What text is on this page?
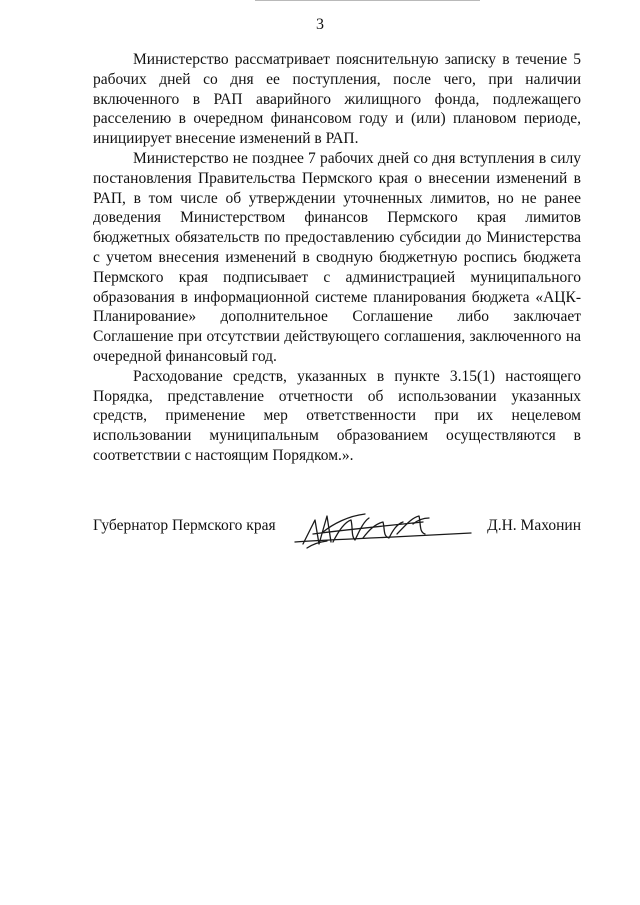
3

Министерство рассматривает пояснительную записку в течение 5 рабочих дней со дня ее поступления, после чего, при наличии включенного в РАП аварийного жилищного фонда, подлежащего расселению в очередном финансовом году и (или) плановом периоде, инициирует внесение изменений в РАП.

Министерство не позднее 7 рабочих дней со дня вступления в силу постановления Правительства Пермского края о внесении изменений в РАП, в том числе об утверждении уточненных лимитов, но не ранее доведения Министерством финансов Пермского края лимитов бюджетных обязательств по предоставлению субсидии до Министерства с учетом внесения изменений в сводную бюджетную роспись бюджета Пермского края подписывает с администрацией муниципального образования в информационной системе планирования бюджета «АЦК-Планирование» дополнительное Соглашение либо заключает Соглашение при отсутствии действующего соглашения, заключенного на очередной финансовый год.

Расходование средств, указанных в пункте 3.15(1) настоящего Порядка, представление отчетности об использовании указанных средств, применение мер ответственности при их нецелевом использовании муниципальным образованием осуществляются в соответствии с настоящим Порядком.».

Губернатор Пермского края	Д.Н. Махонин
